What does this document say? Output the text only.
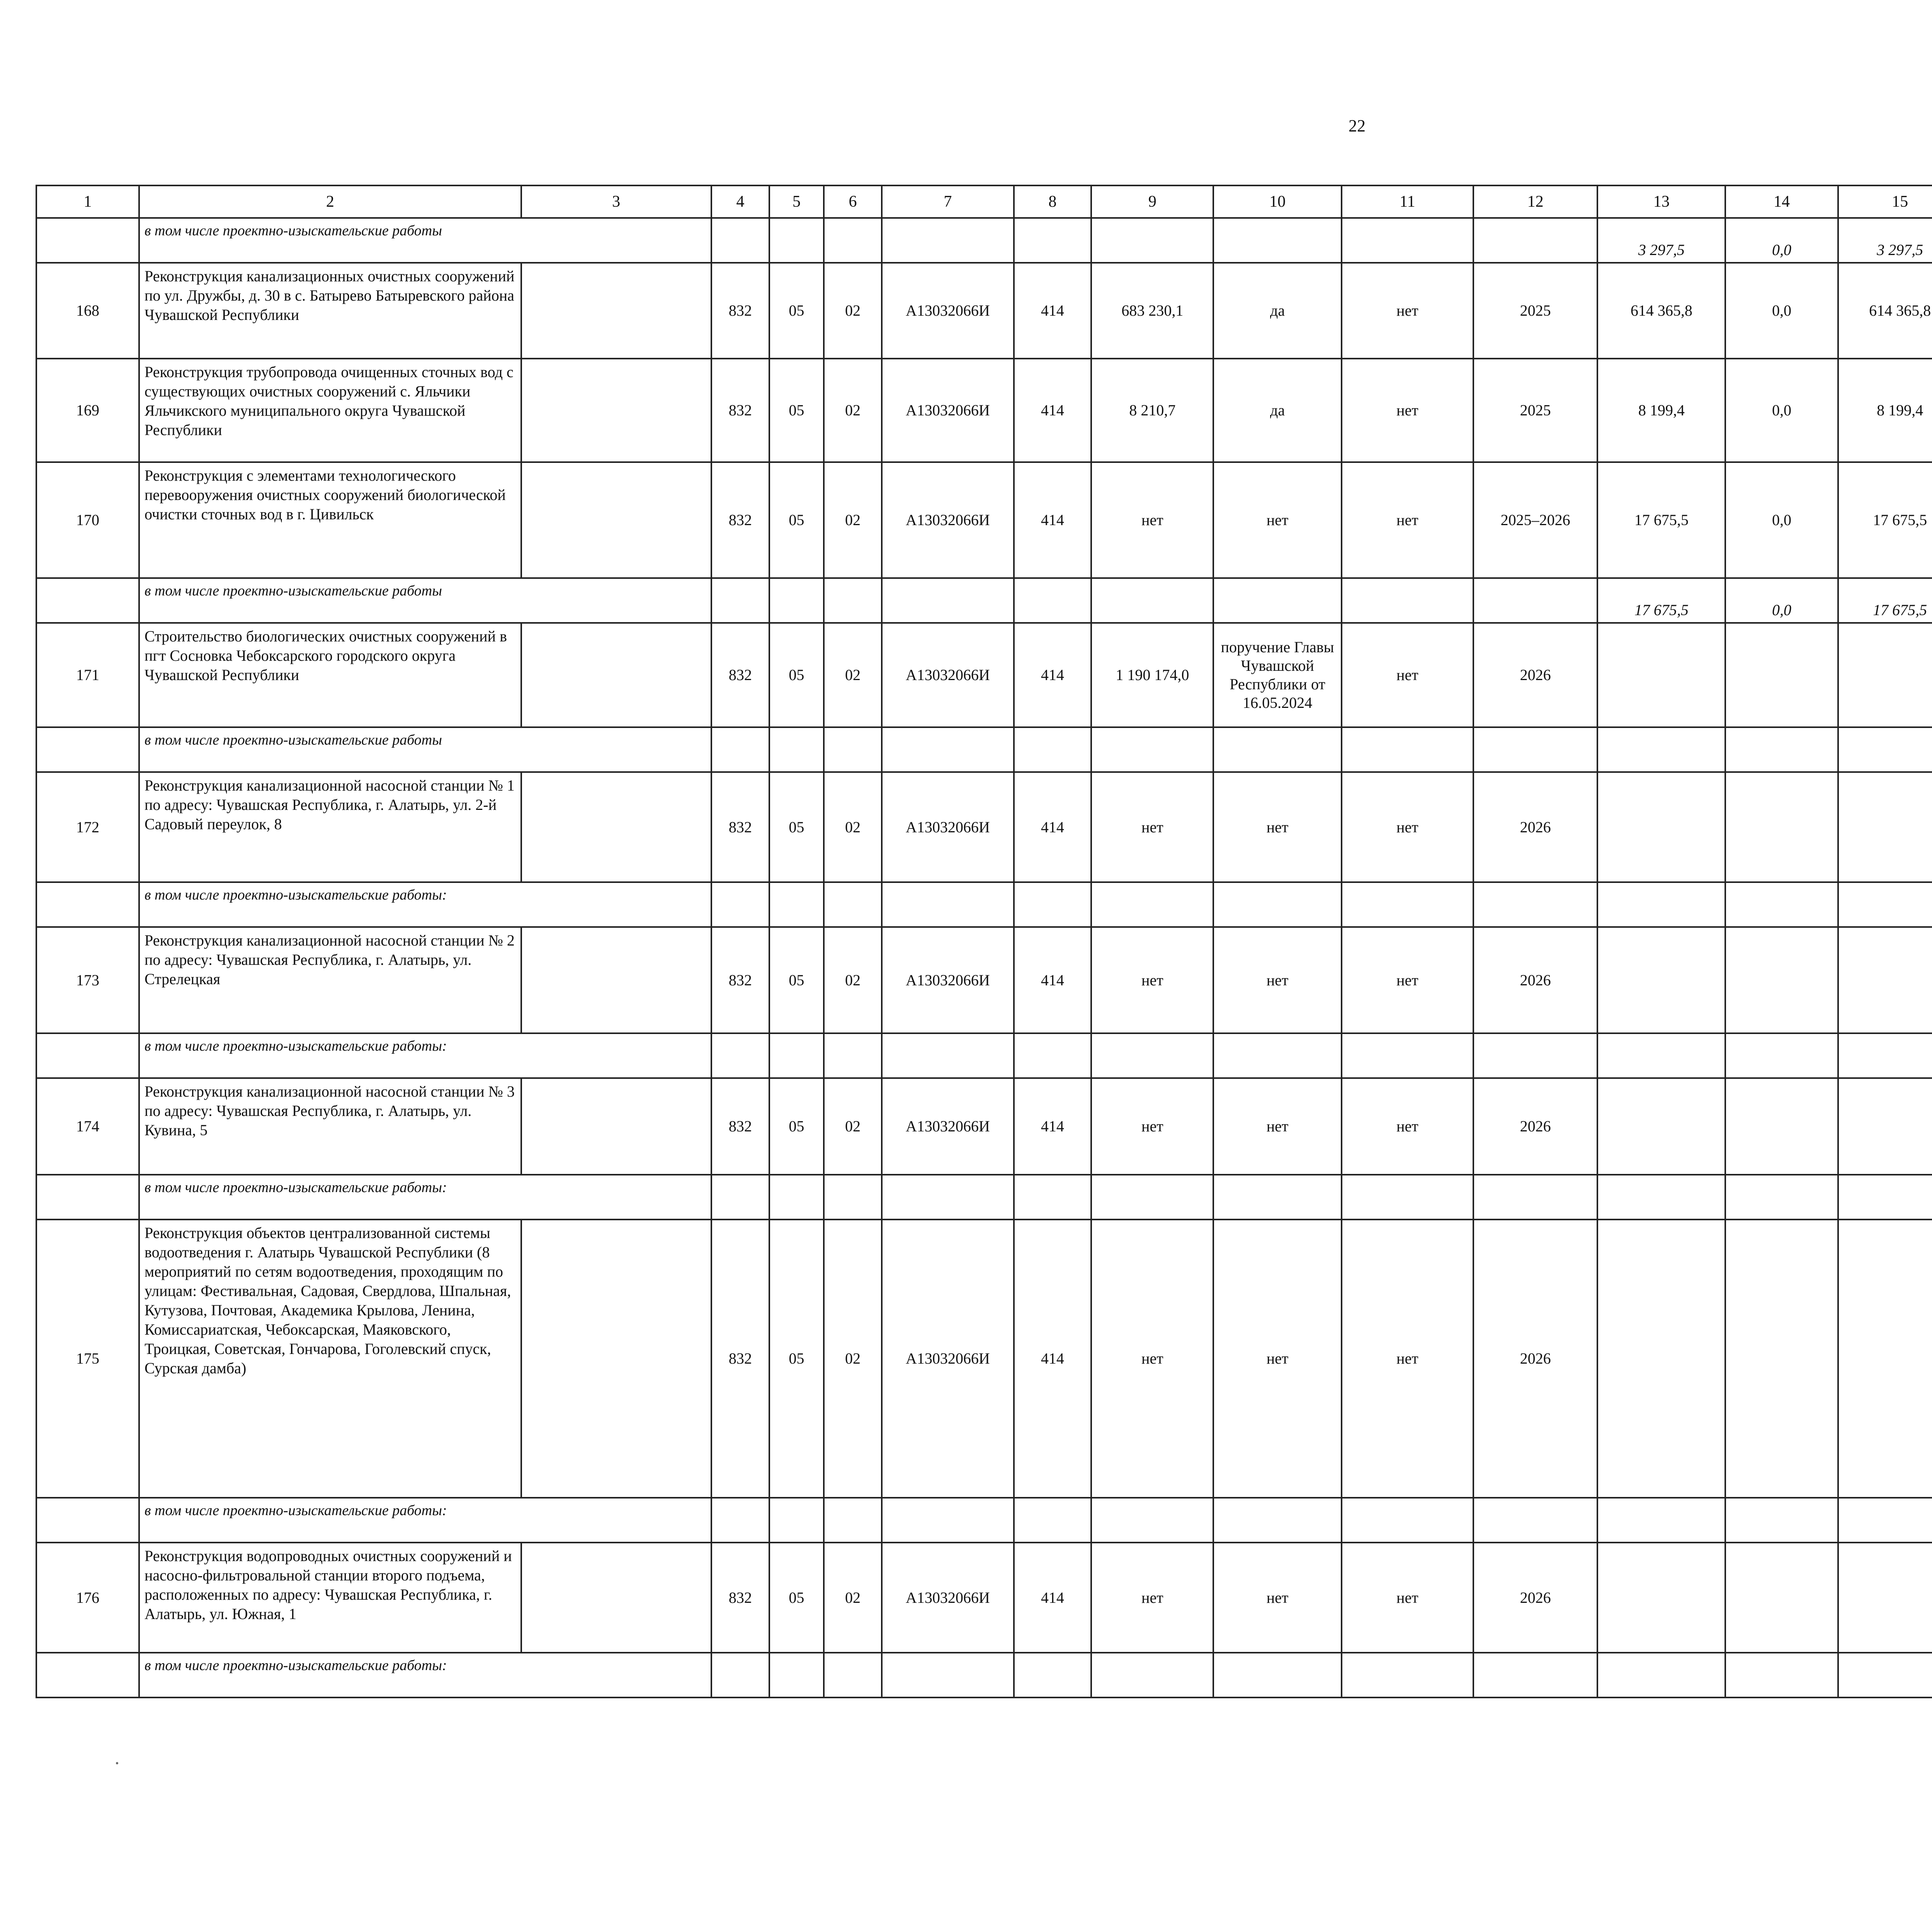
22
1	2	3	4	5	6	7	8	9	10	11	12	13	14	15						
	в том числе проектно-изыскательские работы											3 297,5	0,0	3 297,5						
168	Реконструкция канализационных очистных сооружений по ул. Дружбы, д. 30 в с. Батырево Батыревского района Чувашской Республики		832	05	02	А13032066И	414	683 230,1	да	нет	2025	614 365,8	0,0	614 365,8						
169	Реконструкция трубопровода очищенных сточных вод с существующих очистных сооружений с. Яльчики Яльчикского муниципального округа Чувашской Республики		832	05	02	А13032066И	414	8 210,7	да	нет	2025	8 199,4	0,0	8 199,4						
170	Реконструкция с элементами технологического перевооружения очистных сооружений биологической очистки сточных вод в г. Цивильск		832	05	02	А13032066И	414	нет	нет	нет	2025–2026	17 675,5	0,0	17 675,5						
	в том числе проектно-изыскательские работы											17 675,5	0,0	17 675,5						
171	Строительство биологических очистных сооружений в пгт Сосновка Чебоксарского городского округа Чувашской Республики		832	05	02	А13032066И	414	1 190 174,0	поручение Главы Чувашской Республики от 16.05.2024	нет	2026									
	в том числе проектно-изыскательские работы																		
172	Реконструкция канализационной насосной станции № 1 по адресу: Чувашская Республика, г. Алатырь, ул. 2-й Садовый переулок, 8		832	05	02	А13032066И	414	нет	нет	нет	2026									
	в том числе проектно-изыскательские работы:																		
173	Реконструкция канализационной насосной станции № 2 по адресу: Чувашская Республика, г. Алатырь, ул. Стрелецкая		832	05	02	А13032066И	414	нет	нет	нет	2026									
	в том числе проектно-изыскательские работы:																		
174	Реконструкция канализационной насосной станции № 3 по адресу: Чувашская Республика, г. Алатырь, ул. Кувина, 5		832	05	02	А13032066И	414	нет	нет	нет	2026									
	в том числе проектно-изыскательские работы:																		
175	Реконструкция объектов централизованной системы водоотведения г. Алатырь Чувашской Республики (8 мероприятий по сетям водоотведения, проходящим по улицам: Фестивальная, Садовая, Свердлова, Шпальная, Кутузова, Почтовая, Академика Крылова, Ленина, Комиссариатская, Чебоксарская, Маяковского, Троицкая, Советская, Гончарова, Гоголевский спуск, Сурская дамба)		832	05	02	А13032066И	414	нет	нет	нет	2026									
	в том числе проектно-изыскательские работы:																		
176	Реконструкция водопроводных очистных сооружений и насосно-фильтровальной станции второго подъема, расположенных по адресу: Чувашская Республика, г. Алатырь, ул. Южная, 1		832	05	02	А13032066И	414	нет	нет	нет	2026									
	в том числе проектно-изыскательские работы:																		
